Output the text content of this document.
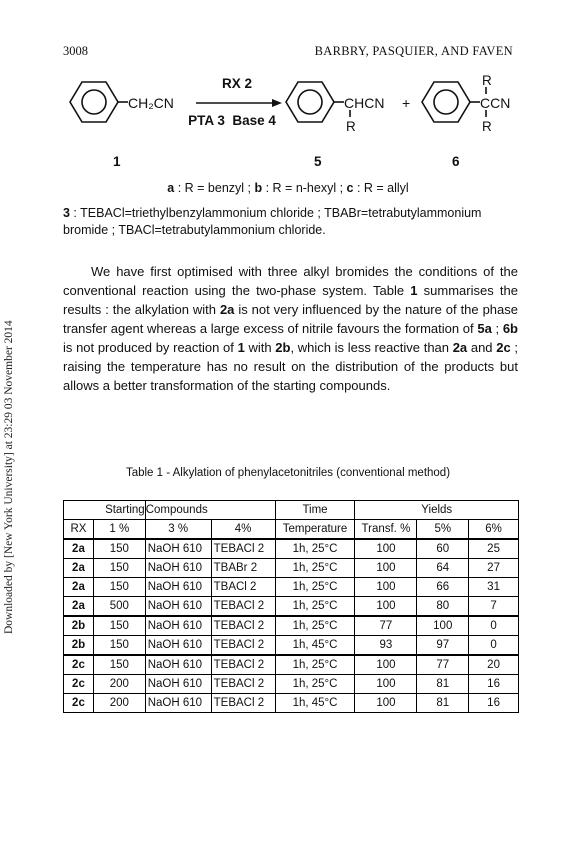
3008	BARBRY, PASQUIER, AND FAVEN
Downloaded by [New York University] at 23:29 03 November 2014
CH₂CN
RX 2
PTA 3  Base 4
CHCN
R
+
R
CCN
R
1	5	6
a : R = benzyl ; b : R = n-hexyl ; c : R = allyl
3 : TEBACl=triethylbenzylammonium chloride ; TBABr=tetrabutylammonium bromide ; TBACl=tetrabutylammonium chloride.
We have first optimised with three alkyl bromides the conditions of the conventional reaction using the two-phase system. Table 1 summarises the results : the alkylation with 2a is not very influenced by the nature of the phase transfer agent whereas a large excess of nitrile favours the formation of 5a ; 6b is not produced by reaction of 1 with 2b, which is less reactive than 2a and 2c ; raising the temperature has no result on the distribution of the products but allows a better transformation of the starting compounds.
Table 1 - Alkylation of phenylacetonitriles (conventional method)
Starting		Compounds		Time	Yields		
RX	1 %	3 %	4%	Temperature	Transf. %	5%	6%
2a	150	NaOH 610	TEBACl 2	1h, 25°C	100	60	25
2a	150	NaOH 610	TBABr 2	1h, 25°C	100	64	27
2a	150	NaOH 610	TBACl 2	1h, 25°C	100	66	31
2a	500	NaOH 610	TEBACl 2	1h, 25°C	100	80	7
2b	150	NaOH 610	TEBACl 2	1h, 25°C	77	100	0
2b	150	NaOH 610	TEBACl 2	1h, 45°C	93	97	0
2c	150	NaOH 610	TEBACl 2	1h, 25°C	100	77	20
2c	200	NaOH 610	TEBACl 2	1h, 25°C	100	81	16
2c	200	NaOH 610	TEBACl 2	1h, 45°C	100	81	16
